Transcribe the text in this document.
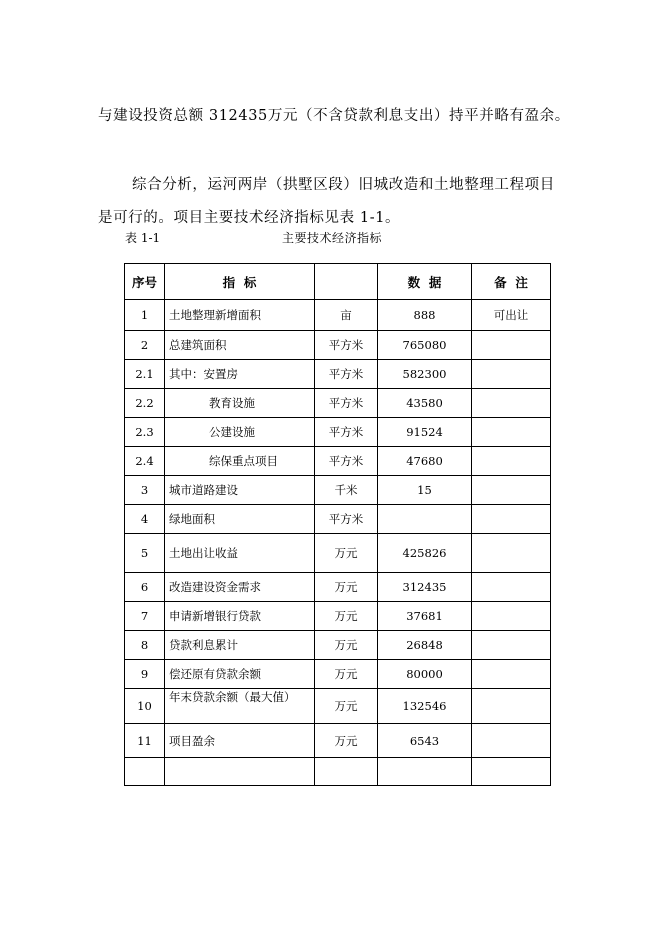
与建设投资总额 312435万元（不含贷款利息支出）持平并略有盈余。
综合分析，运河两岸（拱墅区段）旧城改造和土地整理工程项目
是可行的。项目主要技术经济指标见表 1-1。
表 1-1	主要技术经济指标
序号	指  标		数  据	备  注
1	土地整理新增面积	亩	888	可出让
2	总建筑面积	平方米	765080	
2.1	其中：安置房	平方米	582300	
2.2	教育设施	平方米	43580	
2.3	公建设施	平方米	91524	
2.4	综保重点项目	平方米	47680	
3	城市道路建设	千米	15	
4	绿地面积	平方米		
5	土地出让收益	万元	425826	
6	改造建设资金需求	万元	312435	
7	申请新增银行贷款	万元	37681	
8	贷款利息累计	万元	26848	
9	偿还原有贷款余额	万元	80000	
10	年末贷款余额（最大值）	万元	132546	
11	项目盈余	万元	6543	
